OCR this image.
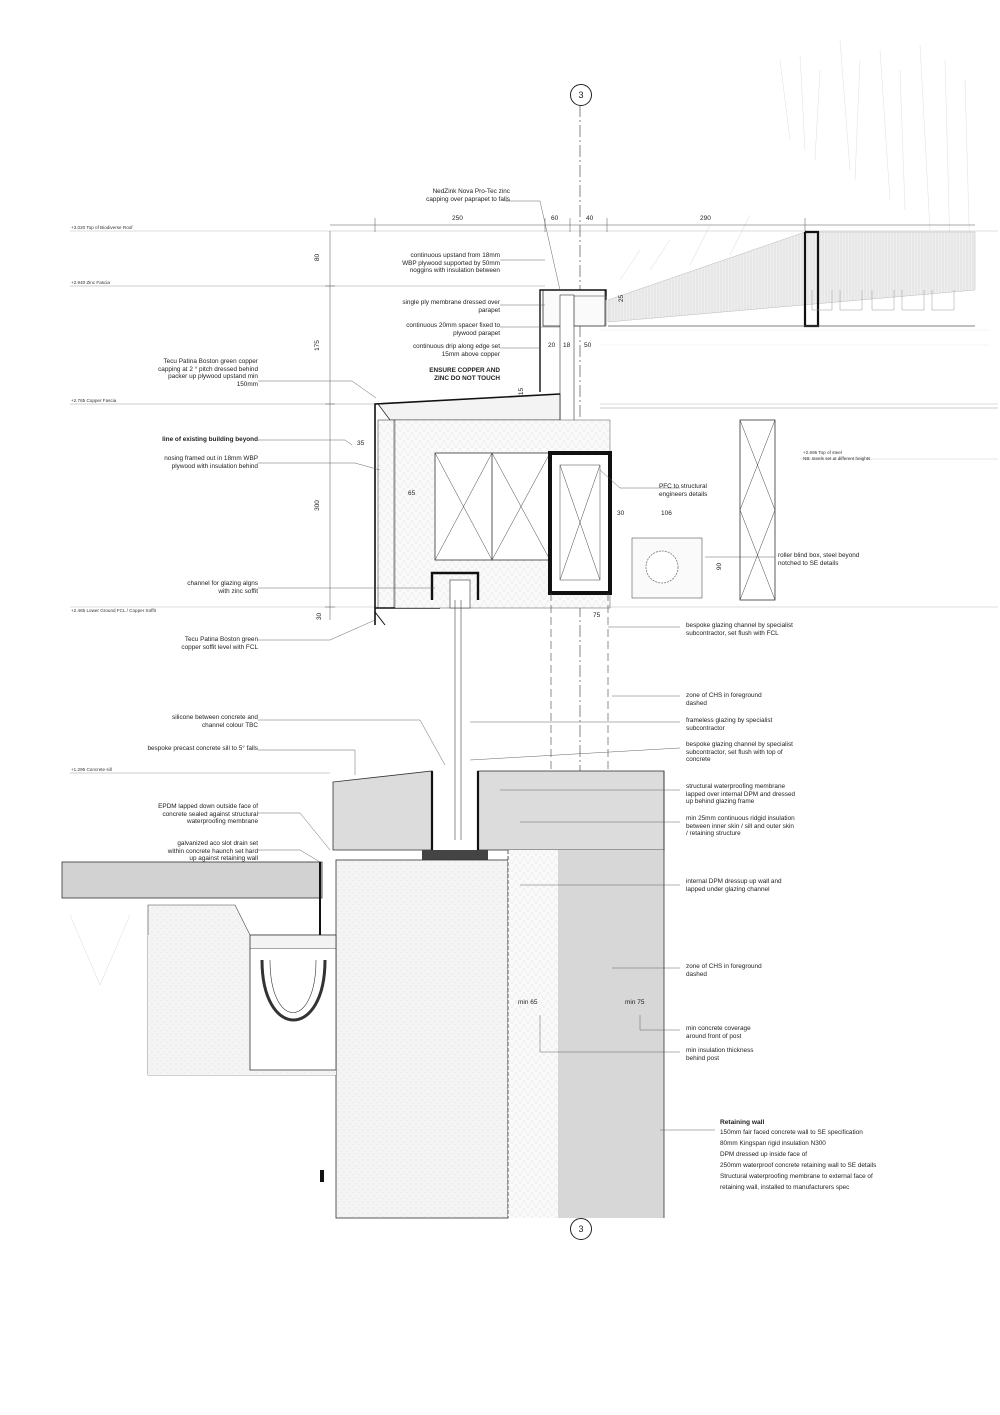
3
3
+3.020 Top of Biodiverse Roof
+2.940 Zinc Fascia
+2.765 Copper Fascia
+2.695 Top of steel
NB: steels set at different heights
+2.465 Lower Ground FCL / Copper Soffit
+1.295 Concrete sill
250	60	40	290
80
175
300
30
25
20 18 50
15
35
65
30	106
90
75
min 65	min 75
Tecu Patina Boston green copper
capping at 2 ° pitch dressed behind
packer up plywood upstand min
150mm
line of existing building beyond
nosing framed out in 18mm WBP
plywood with insulation behind
channel for glazing algns
with zinc soffit
Tecu Patina Boston green
copper soffit level with FCL
silicone between concrete and
channel colour TBC
bespoke precast concrete sill to 5° falls
EPDM lapped down outside face of
concrete sealed against structural
waterproofing membrane
galvanized aco slot drain set
within concrete haunch set hard
up against retaining wall
NedZink Nova Pro-Tec zinc
capping over paprapet to falls
continuous upstand from 18mm
WBP plywood supported by 50mm
noggins with insulation between
single ply membrane dressed over
parapet
continuous 20mm spacer fixed to
plywood parapet
continuous drip along edge set
15mm above copper
ENSURE COPPER AND
ZINC DO NOT TOUCH
PFC to structural
engineers details
roller blind box, steel beyond
notched to SE details
bespoke glazing channel by specialist
subcontractor, set flush with FCL
zone of CHS in foreground
dashed
frameless glazing by specialist
subcontractor
bespoke glazing channel by specialist
subcontractor, set flush with top of
concrete
structural waterproofing membrane
lapped over internal DPM and dressed
up behind glazing frame
min 25mm continuous ridgid insulation
between inner skin / sill and outer skin
/ retaining structure
internal DPM dressup up wall and
lapped under glazing channel
zone of CHS in foreground
dashed
min concrete coverage
around front of post
min insulation thickness
behind post
Retaining wall
150mm fair faced concrete wall to SE specification
80mm Kingspan rigid insulation N300
DPM dressed up inside face of
250mm waterproof concrete retaining wall to SE details
Structural waterproofing membrane to external face of
retaining wall, installed to manufacturers spec
